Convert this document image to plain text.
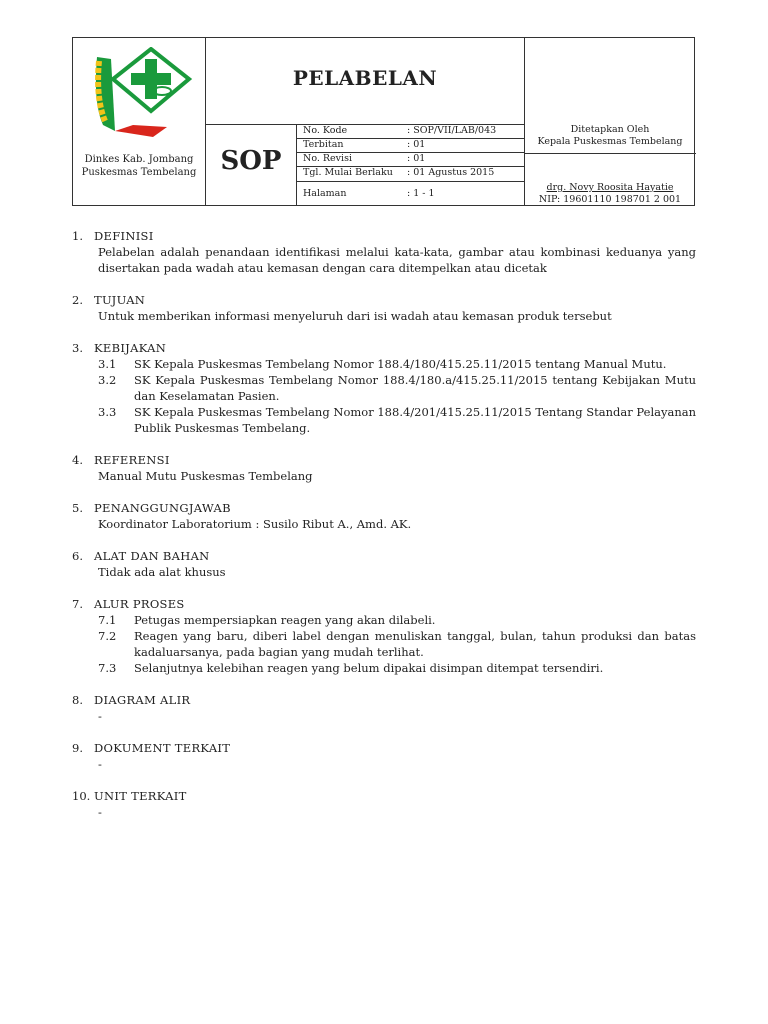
Dinkes Kab. Jombang
Puskesmas Tembelang
PELABELAN
SOP
No. Kode	: SOP/VII/LAB/043
Terbitan	: 01
No. Revisi	: 01
Tgl. Mulai Berlaku : 01 Agustus 2015
Halaman	: 1 - 1
Ditetapkan Oleh
Kepala Puskesmas Tembelang
drg. Novy Roosita Hayatie
NIP: 19601110 198701 2 001
1. DEFINISI
Pelabelan adalah penandaan identifikasi melalui kata-kata, gambar atau kombinasi keduanya yang disertakan pada wadah atau kemasan dengan cara ditempelkan atau dicetak
2. TUJUAN
Untuk memberikan informasi menyeluruh dari isi wadah atau kemasan produk tersebut
3. KEBIJAKAN
3.1 SK Kepala Puskesmas Tembelang Nomor 188.4/180/415.25.11/2015 tentang Manual Mutu.
3.2 SK Kepala Puskesmas Tembelang Nomor 188.4/180.a/415.25.11/2015 tentang Kebijakan Mutu dan Keselamatan Pasien.
3.3 SK Kepala Puskesmas Tembelang Nomor 188.4/201/415.25.11/2015 Tentang Standar Pelayanan Publik Puskesmas Tembelang.
4. REFERENSI
Manual Mutu Puskesmas Tembelang
5. PENANGGUNGJAWAB
Koordinator Laboratorium : Susilo Ribut A., Amd. AK.
6. ALAT DAN BAHAN
Tidak ada alat khusus
7. ALUR PROSES
7.1 Petugas mempersiapkan reagen yang akan dilabeli.
7.2 Reagen yang baru, diberi label dengan menuliskan tanggal, bulan, tahun produksi dan batas kadaluarsanya, pada bagian yang mudah terlihat.
7.3 Selanjutnya kelebihan reagen yang belum dipakai disimpan ditempat tersendiri.
8. DIAGRAM ALIR
-
9. DOKUMENT TERKAIT
-
10. UNIT TERKAIT
-
